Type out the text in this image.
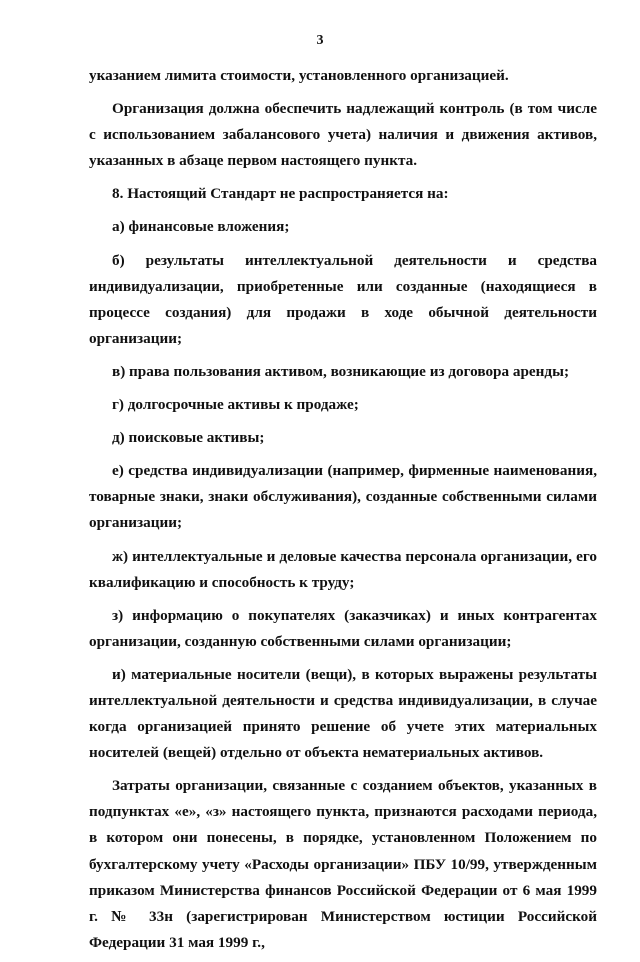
3

указанием лимита стоимости, установленного организацией.

Организация должна обеспечить надлежащий контроль (в том числе с использованием забалансового учета) наличия и движения активов, указанных в абзаце первом настоящего пункта.

8. Настоящий Стандарт не распространяется на:

а) финансовые вложения;

б) результаты интеллектуальной деятельности и средства индивидуализации, приобретенные или созданные (находящиеся в процессе создания) для продажи в ходе обычной деятельности организации;

в) права пользования активом, возникающие из договора аренды;

г) долгосрочные активы к продаже;

д) поисковые активы;

е) средства индивидуализации (например, фирменные наименования, товарные знаки, знаки обслуживания), созданные собственными силами организации;

ж) интеллектуальные и деловые качества персонала организации, его квалификацию и способность к труду;

з) информацию о покупателях (заказчиках) и иных контрагентах организации, созданную собственными силами организации;

и) материальные носители (вещи), в которых выражены результаты интеллектуальной деятельности и средства индивидуализации, в случае когда организацией принято решение об учете этих материальных носителей (вещей) отдельно от объекта нематериальных активов.

Затраты организации, связанные с созданием объектов, указанных в подпунктах «е», «з» настоящего пункта, признаются расходами периода, в котором они понесены, в порядке, установленном Положением по бухгалтерскому учету «Расходы организации» ПБУ 10/99, утвержденным приказом Министерства финансов Российской Федерации от 6 мая 1999 г. № 33н (зарегистрирован Министерством юстиции Российской Федерации 31 мая 1999 г.,
